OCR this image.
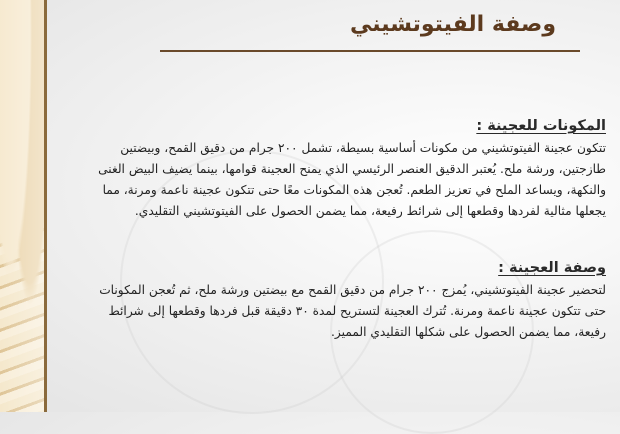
وصفة الفيتوتشيني
المكونات للعجينة :
تتكون عجينة الفيتوتشيني من مكونات أساسية بسيطة، تشمل ٢٠٠ جرام من دقيق القمح، وبيضتين طازجتين، ورشة ملح. يُعتبر الدقيق العنصر الرئيسي الذي يمنح العجينة قوامها، بينما يضيف البيض الغنى والنكهة، ويساعد الملح في تعزيز الطعم. تُعجن هذه المكونات معًا حتى تتكون عجينة ناعمة ومرنة، مما يجعلها مثالية لفردها وقطعها إلى شرائط رفيعة، مما يضمن الحصول على الفيتوتشيني التقليدي.
وصفة العجينة :
لتحضير عجينة الفيتوتشيني، يُمزج ٢٠٠ جرام من دقيق القمح مع بيضتين ورشة ملح، ثم تُعجن المكونات حتى تتكون عجينة ناعمة ومرنة. تُترك العجينة لتستريح لمدة ٣٠ دقيقة قبل فردها وقطعها إلى شرائط رفيعة، مما يضمن الحصول على شكلها التقليدي المميز.
